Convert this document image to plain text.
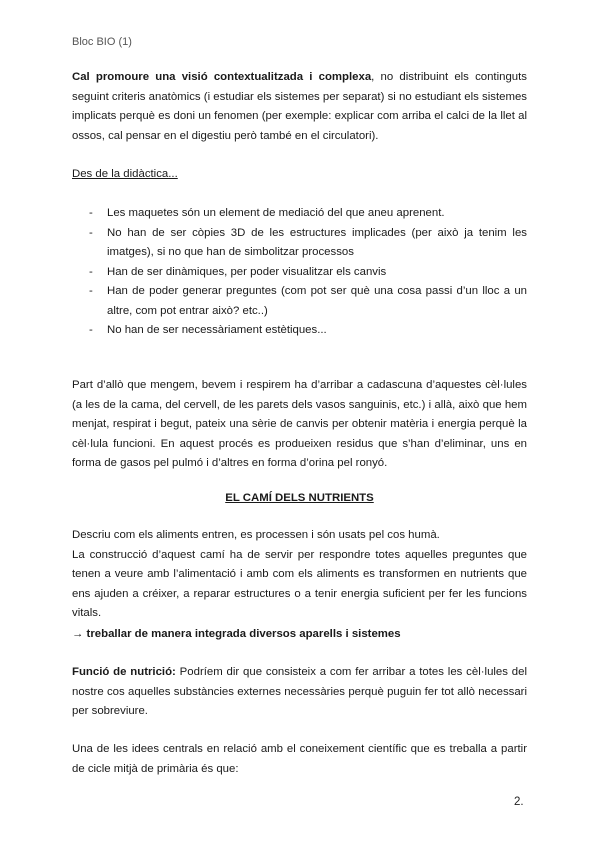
Bloc BIO (1)
Cal promoure una visió contextualitzada i complexa, no distribuint els continguts seguint criteris anatòmics (i estudiar els sistemes per separat) si no estudiant els sistemes implicats perquè es doni un fenomen (per exemple: explicar com arriba el calci de la llet al ossos, cal pensar en el digestiu però també en el circulatori).
Des de la didàctica...
- Les maquetes són un element de mediació del que aneu aprenent.
- No han de ser còpies 3D de les estructures implicades (per això ja tenim les imatges), si no que han de simbolitzar processos
- Han de ser dinàmiques, per poder visualitzar els canvis
- Han de poder generar preguntes (com pot ser què una cosa passi d’un lloc a un altre, com pot entrar això? etc..)
- No han de ser necessàriament estètiques...
Part d’allò que mengem, bevem i respirem ha d’arribar a cadascuna d’aquestes cèl·lules (a les de la cama, del cervell, de les parets dels vasos sanguinis, etc.) i allà, això que hem menjat, respirat i begut, pateix una sèrie de canvis per obtenir matèria i energia perquè la cèl·lula funcioni. En aquest procés es produeixen residus que s’han d’eliminar, uns en forma de gasos pel pulmó i d’altres en forma d’orina pel ronyó.
EL CAMÍ DELS NUTRIENTS
Descriu com els aliments entren, es processen i són usats pel cos humà.
La construcció d’aquest camí ha de servir per respondre totes aquelles preguntes que tenen a veure amb l’alimentació i amb com els aliments es transformen en nutrients que ens ajuden a créixer, a reparar estructures o a tenir energia suficient per fer les funcions vitals.
→ treballar de manera integrada diversos aparells i sistemes
Funció de nutrició: Podríem dir que consisteix a com fer arribar a totes les cèl·lules del nostre cos aquelles substàncies externes necessàries perquè puguin fer tot allò necessari per sobreviure.
Una de les idees centrals en relació amb el coneixement científic que es treballa a partir de cicle mitjà de primària és que:
2.
